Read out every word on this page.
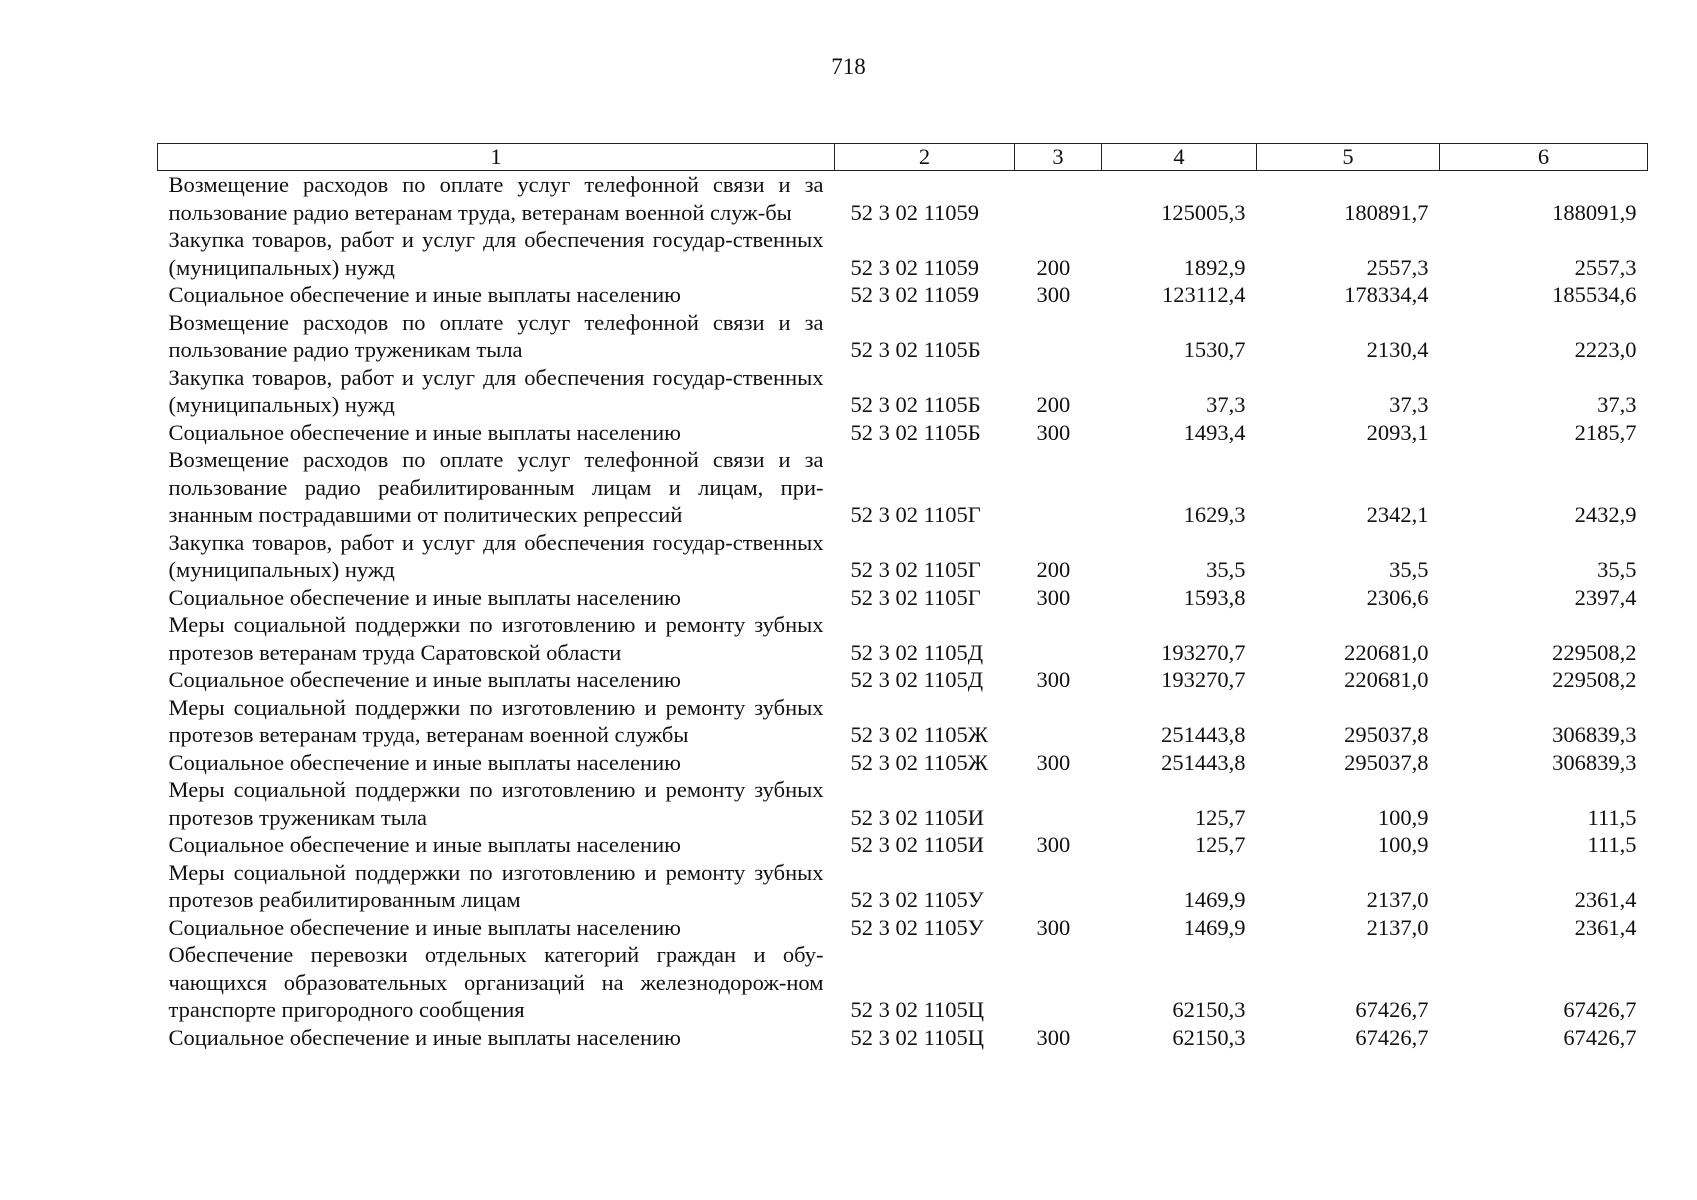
718
1	2	3	4	5	6
Возмещение расходов по оплате услуг телефонной связи и за пользование радио ветеранам труда, ветеранам военной служ-бы	52 3 02 11059		125005,3	180891,7	188091,9
Закупка товаров, работ и услуг для обеспечения государ-ственных (муниципальных) нужд	52 3 02 11059	200	1892,9	2557,3	2557,3
Социальное обеспечение и иные выплаты населению	52 3 02 11059	300	123112,4	178334,4	185534,6
Возмещение расходов по оплате услуг телефонной связи и за пользование радио труженикам тыла	52 3 02 1105Б		1530,7	2130,4	2223,0
Закупка товаров, работ и услуг для обеспечения государ-ственных (муниципальных) нужд	52 3 02 1105Б	200	37,3	37,3	37,3
Социальное обеспечение и иные выплаты населению	52 3 02 1105Б	300	1493,4	2093,1	2185,7
Возмещение расходов по оплате услуг телефонной связи и за пользование радио реабилитированным лицам и лицам, при-знанным пострадавшими от политических репрессий	52 3 02 1105Г		1629,3	2342,1	2432,9
Закупка товаров, работ и услуг для обеспечения государ-ственных (муниципальных) нужд	52 3 02 1105Г	200	35,5	35,5	35,5
Социальное обеспечение и иные выплаты населению	52 3 02 1105Г	300	1593,8	2306,6	2397,4
Меры социальной поддержки по изготовлению и ремонту зубных протезов ветеранам труда Саратовской области	52 3 02 1105Д		193270,7	220681,0	229508,2
Социальное обеспечение и иные выплаты населению	52 3 02 1105Д	300	193270,7	220681,0	229508,2
Меры социальной поддержки по изготовлению и ремонту зубных протезов ветеранам труда, ветеранам военной службы	52 3 02 1105Ж		251443,8	295037,8	306839,3
Социальное обеспечение и иные выплаты населению	52 3 02 1105Ж	300	251443,8	295037,8	306839,3
Меры социальной поддержки по изготовлению и ремонту зубных протезов труженикам тыла	52 3 02 1105И		125,7	100,9	111,5
Социальное обеспечение и иные выплаты населению	52 3 02 1105И	300	125,7	100,9	111,5
Меры социальной поддержки по изготовлению и ремонту зубных протезов реабилитированным лицам	52 3 02 1105У		1469,9	2137,0	2361,4
Социальное обеспечение и иные выплаты населению	52 3 02 1105У	300	1469,9	2137,0	2361,4
Обеспечение перевозки отдельных категорий граждан и обу-чающихся образовательных организаций на железнодорож-ном транспорте пригородного сообщения	52 3 02 1105Ц		62150,3	67426,7	67426,7
Социальное обеспечение и иные выплаты населению	52 3 02 1105Ц	300	62150,3	67426,7	67426,7
